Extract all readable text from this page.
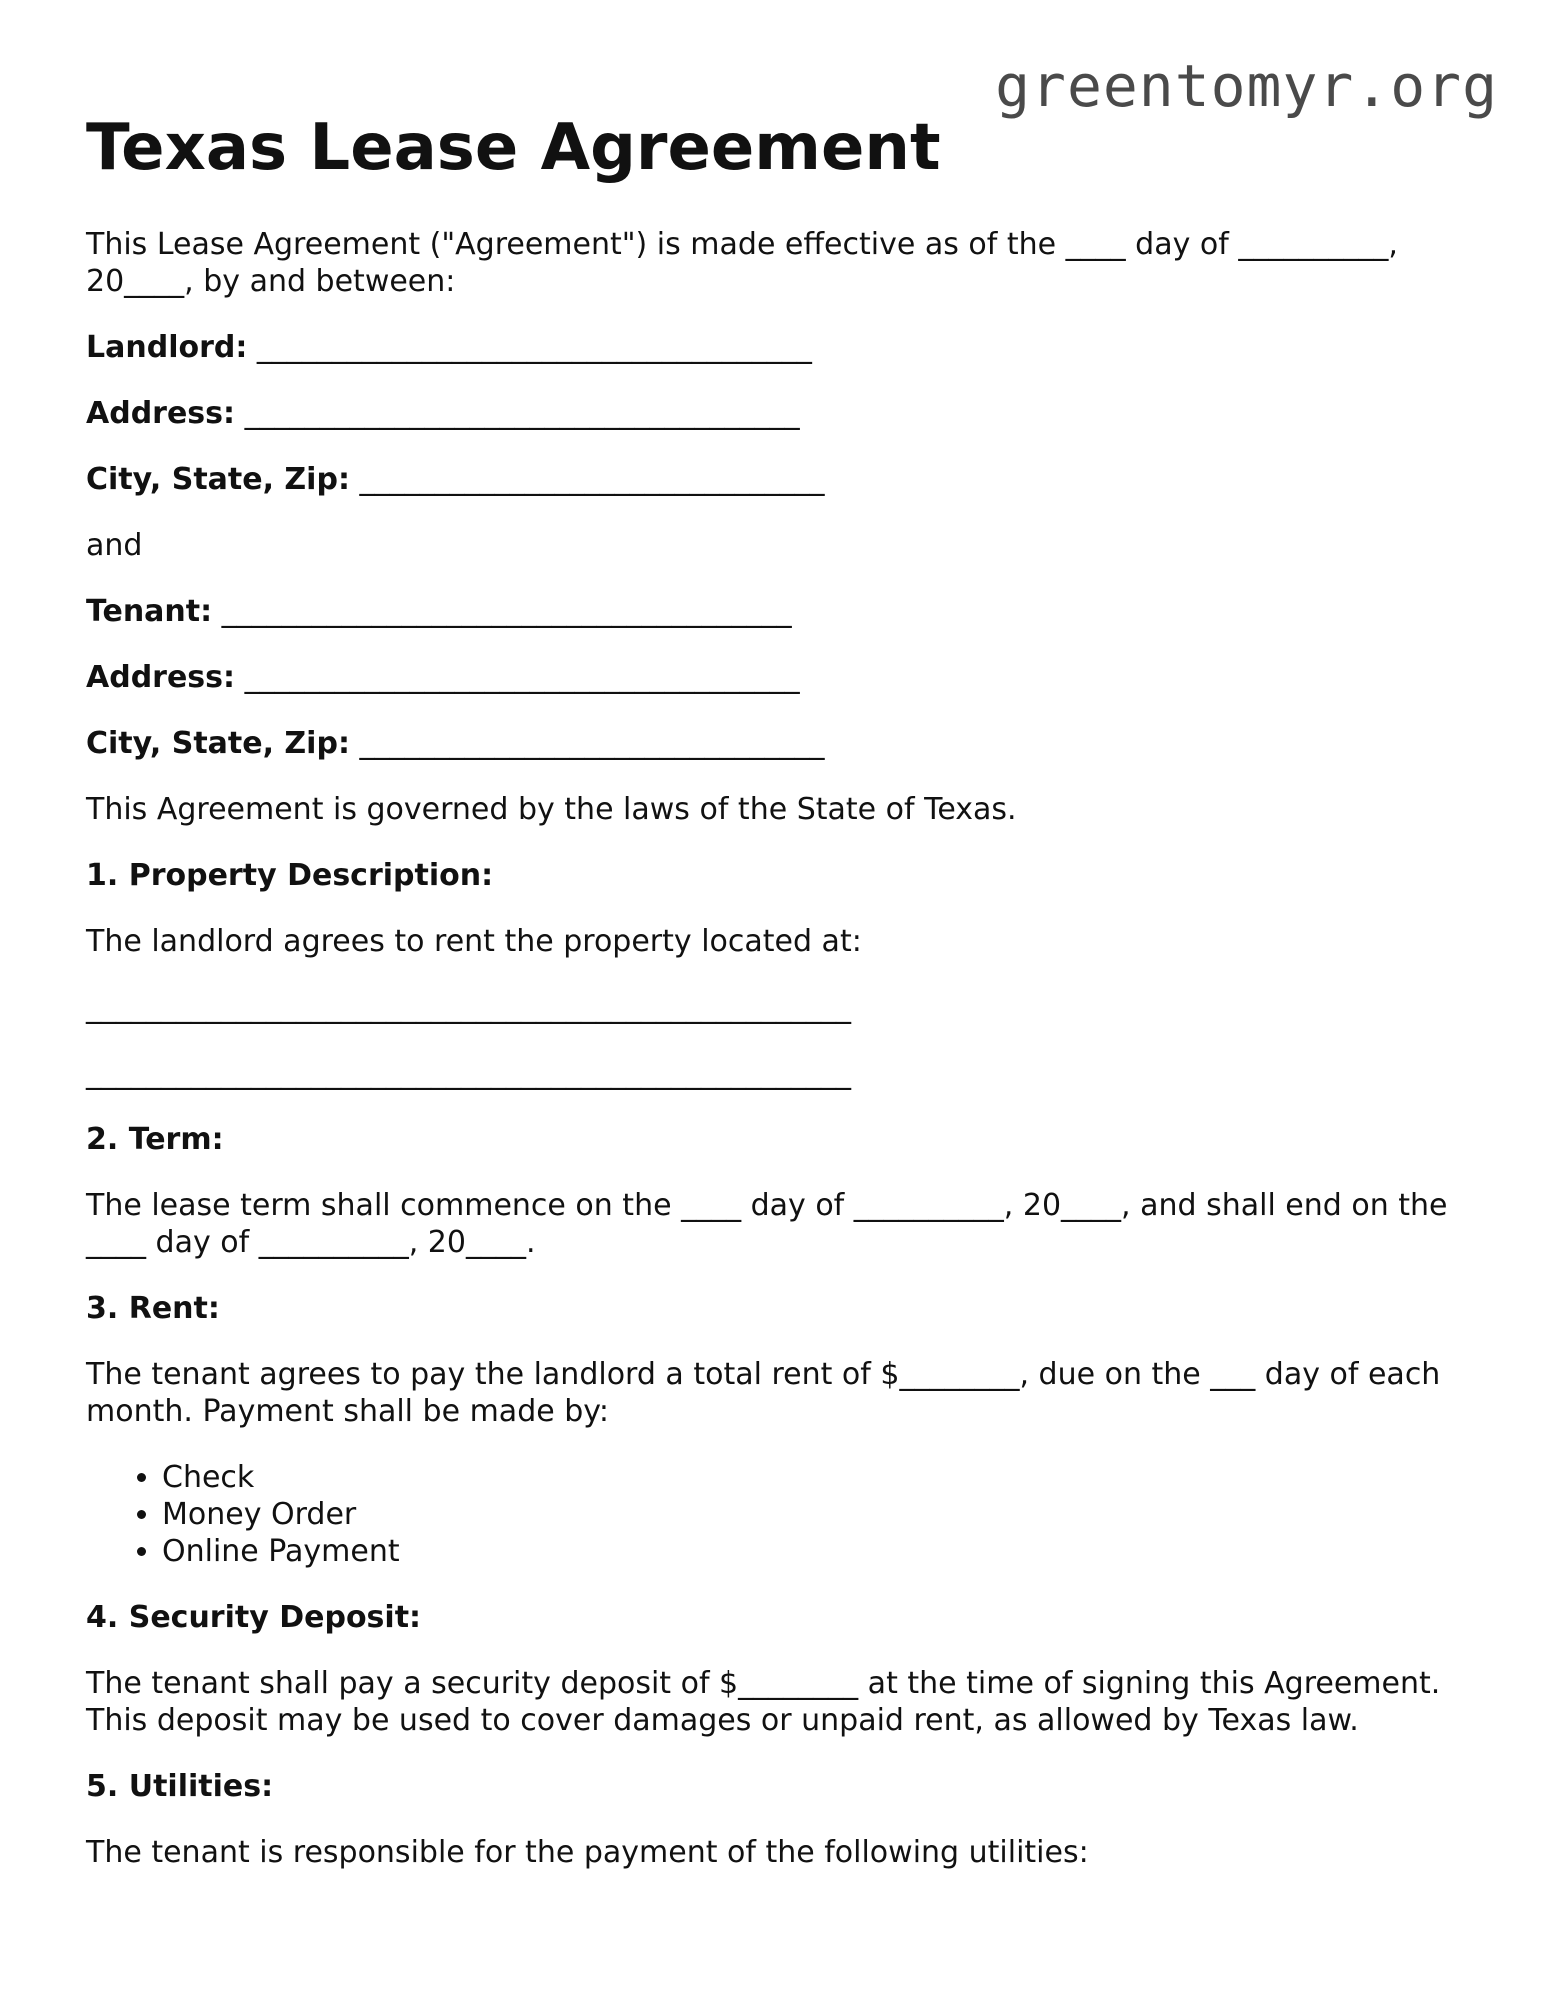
greentomyr.org
Texas Lease Agreement

This Lease Agreement ("Agreement") is made effective as of the ____ day of __________, 20____, by and between:

Landlord: _____________________________________

Address: _____________________________________

City, State, Zip: _______________________________

and

Tenant: ______________________________________

Address: _____________________________________

City, State, Zip: _______________________________

This Agreement is governed by the laws of the State of Texas.

1. Property Description:

The landlord agrees to rent the property located at:

___________________________________________________

___________________________________________________

2. Term:

The lease term shall commence on the ____ day of __________, 20____, and shall end on the ____ day of __________, 20____.

3. Rent:

The tenant agrees to pay the landlord a total rent of $________, due on the ___ day of each month. Payment shall be made by:

• Check
• Money Order
• Online Payment

4. Security Deposit:

The tenant shall pay a security deposit of $________ at the time of signing this Agreement. This deposit may be used to cover damages or unpaid rent, as allowed by Texas law.

5. Utilities:

The tenant is responsible for the payment of the following utilities:
